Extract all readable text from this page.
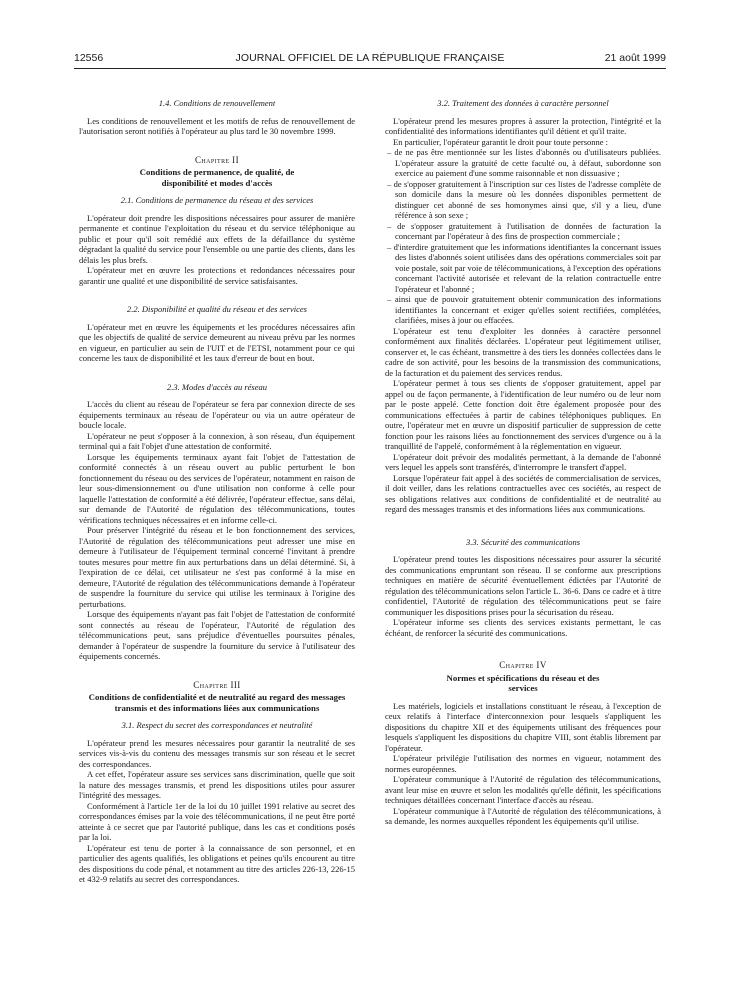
12556	JOURNAL OFFICIEL DE LA RÉPUBLIQUE FRANÇAISE	21 août 1999

1.4. Conditions de renouvellement

Les conditions de renouvellement et les motifs de refus de renouvellement de l'autorisation seront notifiés à l'opérateur au plus tard le 30 novembre 1999.

Chapitre II

Conditions de permanence, de qualité, de disponibilité et modes d'accès

2.1. Conditions de permanence du réseau et des services

L'opérateur doit prendre les dispositions nécessaires pour assurer de manière permanente et continue l'exploitation du réseau et du service téléphonique au public et pour qu'il soit remédié aux effets de la défaillance du système dégradant la qualité du service pour l'ensemble ou une partie des clients, dans les délais les plus brefs.

L'opérateur met en œuvre les protections et redondances nécessaires pour garantir une qualité et une disponibilité de service satisfaisantes.

2.2. Disponibilité et qualité du réseau et des services

L'opérateur met en œuvre les équipements et les procédures nécessaires afin que les objectifs de qualité de service demeurent au niveau prévu par les normes en vigueur, en particulier au sein de l'UIT et de l'ETSI, notamment pour ce qui concerne les taux de disponibilité et les taux d'erreur de bout en bout.

2.3. Modes d'accès au réseau

L'accès du client au réseau de l'opérateur se fera par connexion directe de ses équipements terminaux au réseau de l'opérateur ou via un autre opérateur de boucle locale.

L'opérateur ne peut s'opposer à la connexion, à son réseau, d'un équipement terminal qui a fait l'objet d'une attestation de conformité.

Lorsque les équipements terminaux ayant fait l'objet de l'attestation de conformité connectés à un réseau ouvert au public perturbent le bon fonctionnement du réseau ou des services de l'opérateur, notamment en raison de leur sous-dimensionnement ou d'une utilisation non conforme à celle pour laquelle l'attestation de conformité a été délivrée, l'opérateur effectue, sans délai, sur demande de l'Autorité de régulation des télécommunications, toutes vérifications techniques nécessaires et en informe celle-ci.

Pour préserver l'intégrité du réseau et le bon fonctionnement des services, l'Autorité de régulation des télécommunications peut adresser une mise en demeure à l'utilisateur de l'équipement terminal concerné l'invitant à prendre toutes mesures pour mettre fin aux perturbations dans un délai déterminé. Si, à l'expiration de ce délai, cet utilisateur ne s'est pas conformé à la mise en demeure, l'Autorité de régulation des télécommunications demande à l'opérateur de suspendre la fourniture du service qui utilise les terminaux à l'origine des perturbations.

Lorsque des équipements n'ayant pas fait l'objet de l'attestation de conformité sont connectés au réseau de l'opérateur, l'Autorité de régulation des télécommunications peut, sans préjudice d'éventuelles poursuites pénales, demander à l'opérateur de suspendre la fourniture du service à l'utilisateur des équipements concernés.

Chapitre III

Conditions de confidentialité et de neutralité au regard des messages transmis et des informations liées aux communications

3.1. Respect du secret des correspondances et neutralité

L'opérateur prend les mesures nécessaires pour garantir la neutralité de ses services vis-à-vis du contenu des messages transmis sur son réseau et le secret des correspondances.

A cet effet, l'opérateur assure ses services sans discrimination, quelle que soit la nature des messages transmis, et prend les dispositions utiles pour assurer l'intégrité des messages.

Conformément à l'article 1er de la loi du 10 juillet 1991 relative au secret des correspondances émises par la voie des télécommunications, il ne peut être porté atteinte à ce secret que par l'autorité publique, dans les cas et conditions posés par la loi.

L'opérateur est tenu de porter à la connaissance de son personnel, et en particulier des agents qualifiés, les obligations et peines qu'ils encourent au titre des dispositions du code pénal, et notamment au titre des articles 226-13, 226-15 et 432-9 relatifs au secret des correspondances.

3.2. Traitement des données à caractère personnel

L'opérateur prend les mesures propres à assurer la protection, l'intégrité et la confidentialité des informations identifiantes qu'il détient et qu'il traite.

En particulier, l'opérateur garantit le droit pour toute personne :

– de ne pas être mentionnée sur les listes d'abonnés ou d'utilisateurs publiées. L'opérateur assure la gratuité de cette faculté ou, à défaut, subordonne son exercice au paiement d'une somme raisonnable et non dissuasive ;
– de s'opposer gratuitement à l'inscription sur ces listes de l'adresse complète de son domicile dans la mesure où les données disponibles permettent de distinguer cet abonné de ses homonymes ainsi que, s'il y a lieu, d'une référence à son sexe ;
– de s'opposer gratuitement à l'utilisation de données de facturation la concernant par l'opérateur à des fins de prospection commerciale ;
– d'interdire gratuitement que les informations identifiantes la concernant issues des listes d'abonnés soient utilisées dans des opérations commerciales soit par voie postale, soit par voie de télécommunications, à l'exception des opérations concernant l'activité autorisée et relevant de la relation contractuelle entre l'opérateur et l'abonné ;
– ainsi que de pouvoir gratuitement obtenir communication des informations identifiantes la concernant et exiger qu'elles soient rectifiées, complétées, clarifiées, mises à jour ou effacées.

L'opérateur est tenu d'exploiter les données à caractère personnel conformément aux finalités déclarées. L'opérateur peut légitimement utiliser, conserver et, le cas échéant, transmettre à des tiers les données collectées dans le cadre de son activité, pour les besoins de la transmission des communications, de la facturation et du paiement des services rendus.

L'opérateur permet à tous ses clients de s'opposer gratuitement, appel par appel ou de façon permanente, à l'identification de leur numéro ou de leur nom par le poste appelé. Cette fonction doit être également proposée pour des communications effectuées à partir de cabines téléphoniques publiques. En outre, l'opérateur met en œuvre un dispositif particulier de suppression de cette fonction pour les raisons liées au fonctionnement des services d'urgence ou à la tranquillité de l'appelé, conformément à la réglementation en vigueur.

L'opérateur doit prévoir des modalités permettant, à la demande de l'abonné vers lequel les appels sont transférés, d'interrompre le transfert d'appel.

Lorsque l'opérateur fait appel à des sociétés de commercialisation de services, il doit veiller, dans les relations contractuelles avec ces sociétés, au respect de ses obligations relatives aux conditions de confidentialité et de neutralité au regard des messages transmis et des informations liées aux communications.

3.3. Sécurité des communications

L'opérateur prend toutes les dispositions nécessaires pour assurer la sécurité des communications empruntant son réseau. Il se conforme aux prescriptions techniques en matière de sécurité éventuellement édictées par l'Autorité de régulation des télécommunications selon l'article L. 36-6. Dans ce cadre et à titre confidentiel, l'Autorité de régulation des télécommunications peut se faire communiquer les dispositions prises pour la sécurisation du réseau.

L'opérateur informe ses clients des services existants permettant, le cas échéant, de renforcer la sécurité des communications.

Chapitre IV

Normes et spécifications du réseau et des services

Les matériels, logiciels et installations constituant le réseau, à l'exception de ceux relatifs à l'interface d'interconnexion pour lesquels s'appliquent les dispositions du chapitre XII et des équipements utilisant des fréquences pour lesquels s'appliquent les dispositions du chapitre VIII, sont établis librement par l'opérateur.

L'opérateur privilégie l'utilisation des normes en vigueur, notamment des normes européennes.

L'opérateur communique à l'Autorité de régulation des télécommunications, avant leur mise en œuvre et selon les modalités qu'elle définit, les spécifications techniques détaillées concernant l'interface d'accès au réseau.

L'opérateur communique à l'Autorité de régulation des télécommunications, à sa demande, les normes auxquelles répondent les équipements qu'il utilise.
